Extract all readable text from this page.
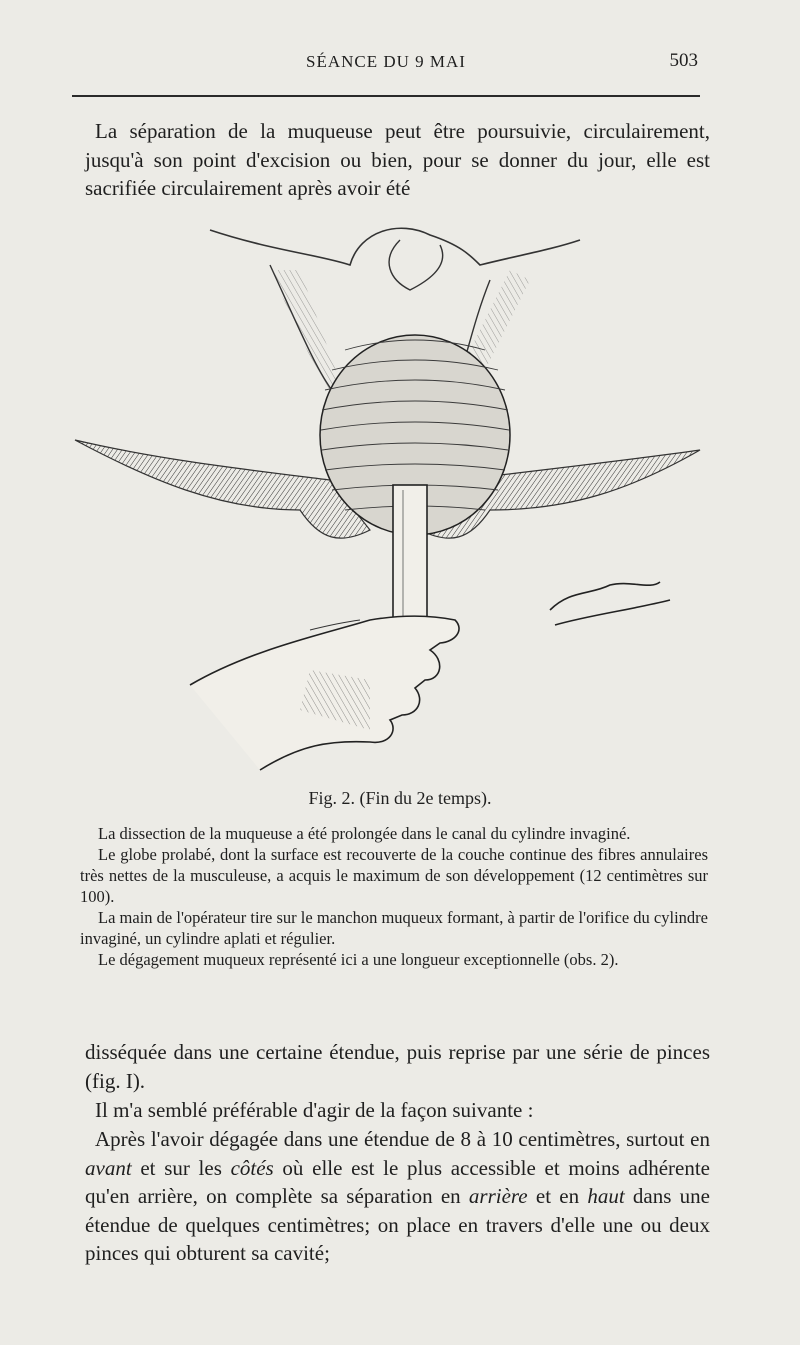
SÉANCE DU 9 MAI	503

La séparation de la muqueuse peut être poursuivie, circulairement, jusqu'à son point d'excision ou bien, pour se donner du jour, elle est sacrifiée circulairement après avoir été

Fig. 2. (Fin du 2e temps).

La dissection de la muqueuse a été prolongée dans le canal du cylindre invaginé.

Le globe prolabé, dont la surface est recouverte de la couche continue des fibres annulaires très nettes de la musculeuse, a acquis le maximum de son développement (12 centimètres sur 100).

La main de l'opérateur tire sur le manchon muqueux formant, à partir de l'orifice du cylindre invaginé, un cylindre aplati et régulier.

Le dégagement muqueux représenté ici a une longueur exceptionnelle (obs. 2).

disséquée dans une certaine étendue, puis reprise par une série de pinces (fig. I).

Il m'a semblé préférable d'agir de la façon suivante :

Après l'avoir dégagée dans une étendue de 8 à 10 centimètres, surtout en avant et sur les côtés où elle est le plus accessible et moins adhérente qu'en arrière, on complète sa séparation en arrière et en haut dans une étendue de quelques centimètres; on place en travers d'elle une ou deux pinces qui obturent sa cavité;
